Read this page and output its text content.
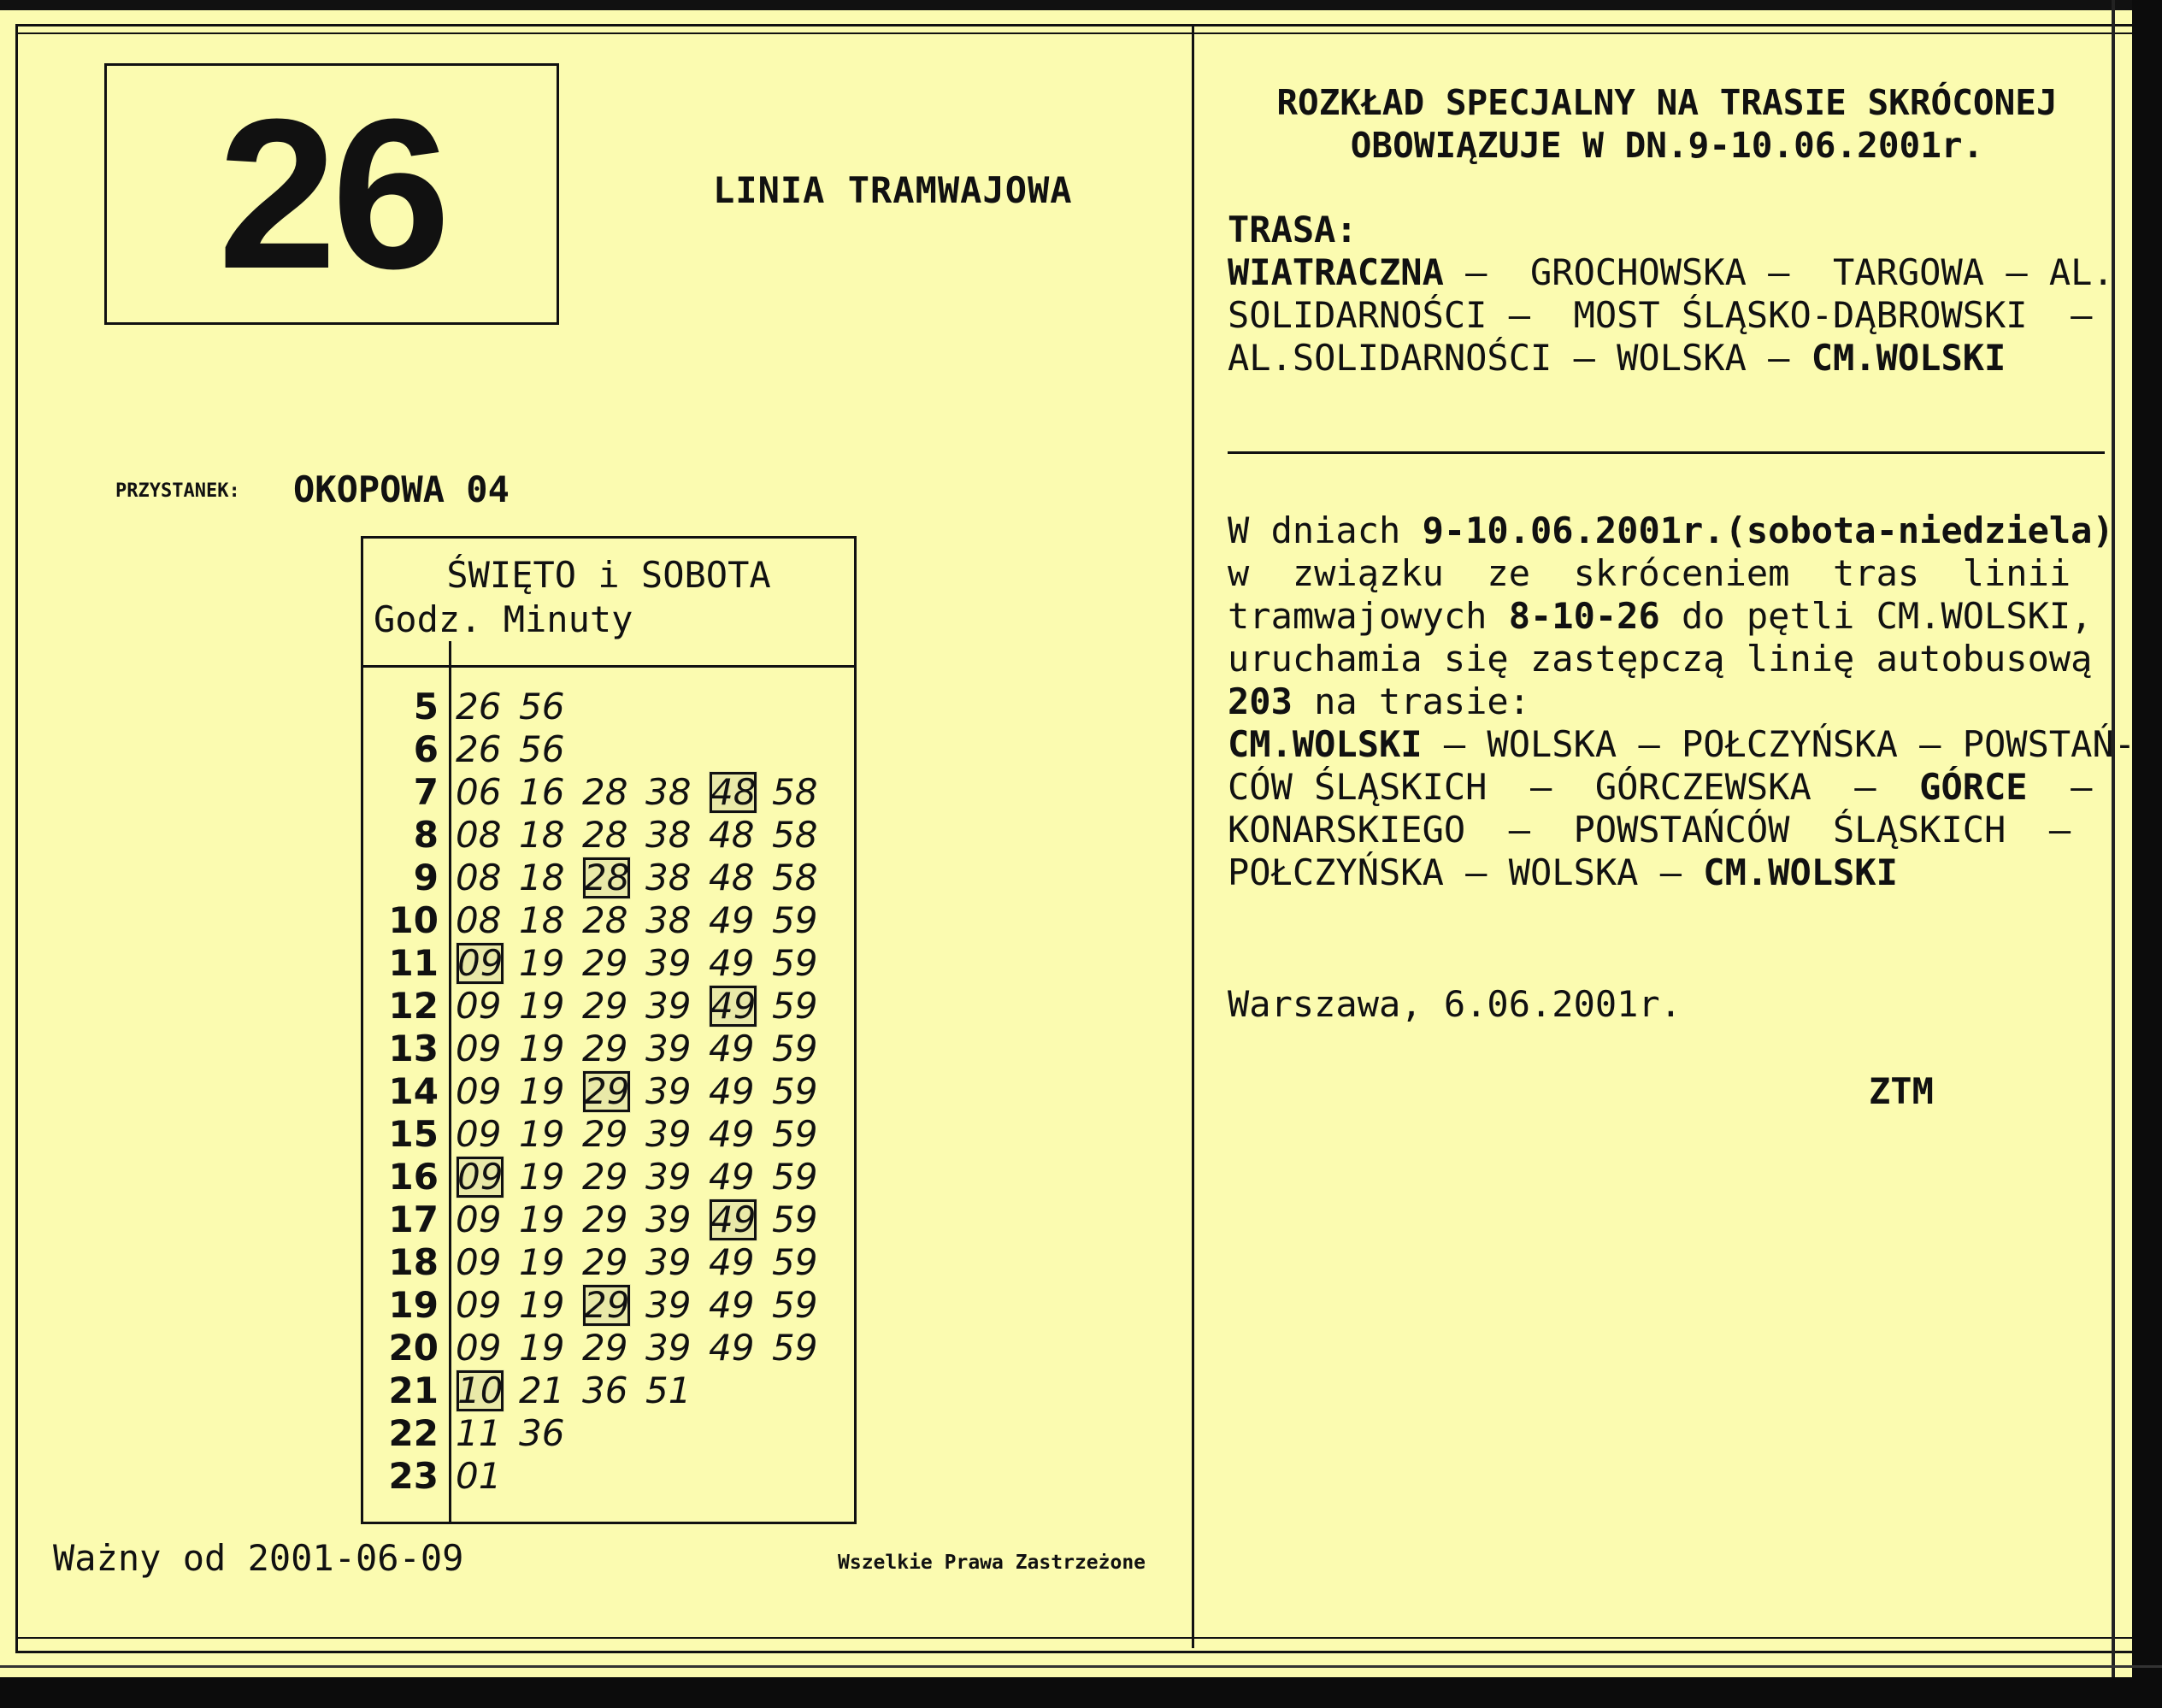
26	LINIA TRAMWAJOWA
PRZYSTANEK: OKOPOWA 04
ŚWIĘTO i SOBOTA
Godz. Minuty
5 26 56
6 26 56
7 06 16 28 38 48 58
8 08 18 28 38 48 58
9 08 18 28 38 48 58
10 08 18 28 38 49 59
11 09 19 29 39 49 59
12 09 19 29 39 49 59
13 09 19 29 39 49 59
14 09 19 29 39 49 59
15 09 19 29 39 49 59
16 09 19 29 39 49 59
17 09 19 29 39 49 59
18 09 19 29 39 49 59
19 09 19 29 39 49 59
20 09 19 29 39 49 59
21 10 21 36 51
22 11 36
23 01
Ważny od 2001-06-09	Wszelkie Prawa Zastrzeżone
ROZKŁAD SPECJALNY NA TRASIE SKRÓCONEJ
OBOWIĄZUJE W DN.9-10.06.2001r.
TRASA:
WIATRACZNA –  GROCHOWSKA –  TARGOWA – AL.
SOLIDARNOŚCI –  MOST ŚLĄSKO-DĄBROWSKI  –
AL.SOLIDARNOŚCI – WOLSKA – CM.WOLSKI
W dniach 9-10.06.2001r.(sobota-niedziela)
w  związku  ze  skróceniem  tras  linii
tramwajowych 8-10-26 do pętli CM.WOLSKI,
uruchamia się zastępczą linię autobusową
203 na trasie:
CM.WOLSKI – WOLSKA – POŁCZYŃSKA – POWSTAŃ-
CÓW ŚLĄSKICH  –  GÓRCZEWSKA  –  GÓRCE  –
KONARSKIEGO  –  POWSTAŃCÓW  ŚLĄSKICH  –
POŁCZYŃSKA – WOLSKA – CM.WOLSKI
Warszawa, 6.06.2001r.
ZTM
